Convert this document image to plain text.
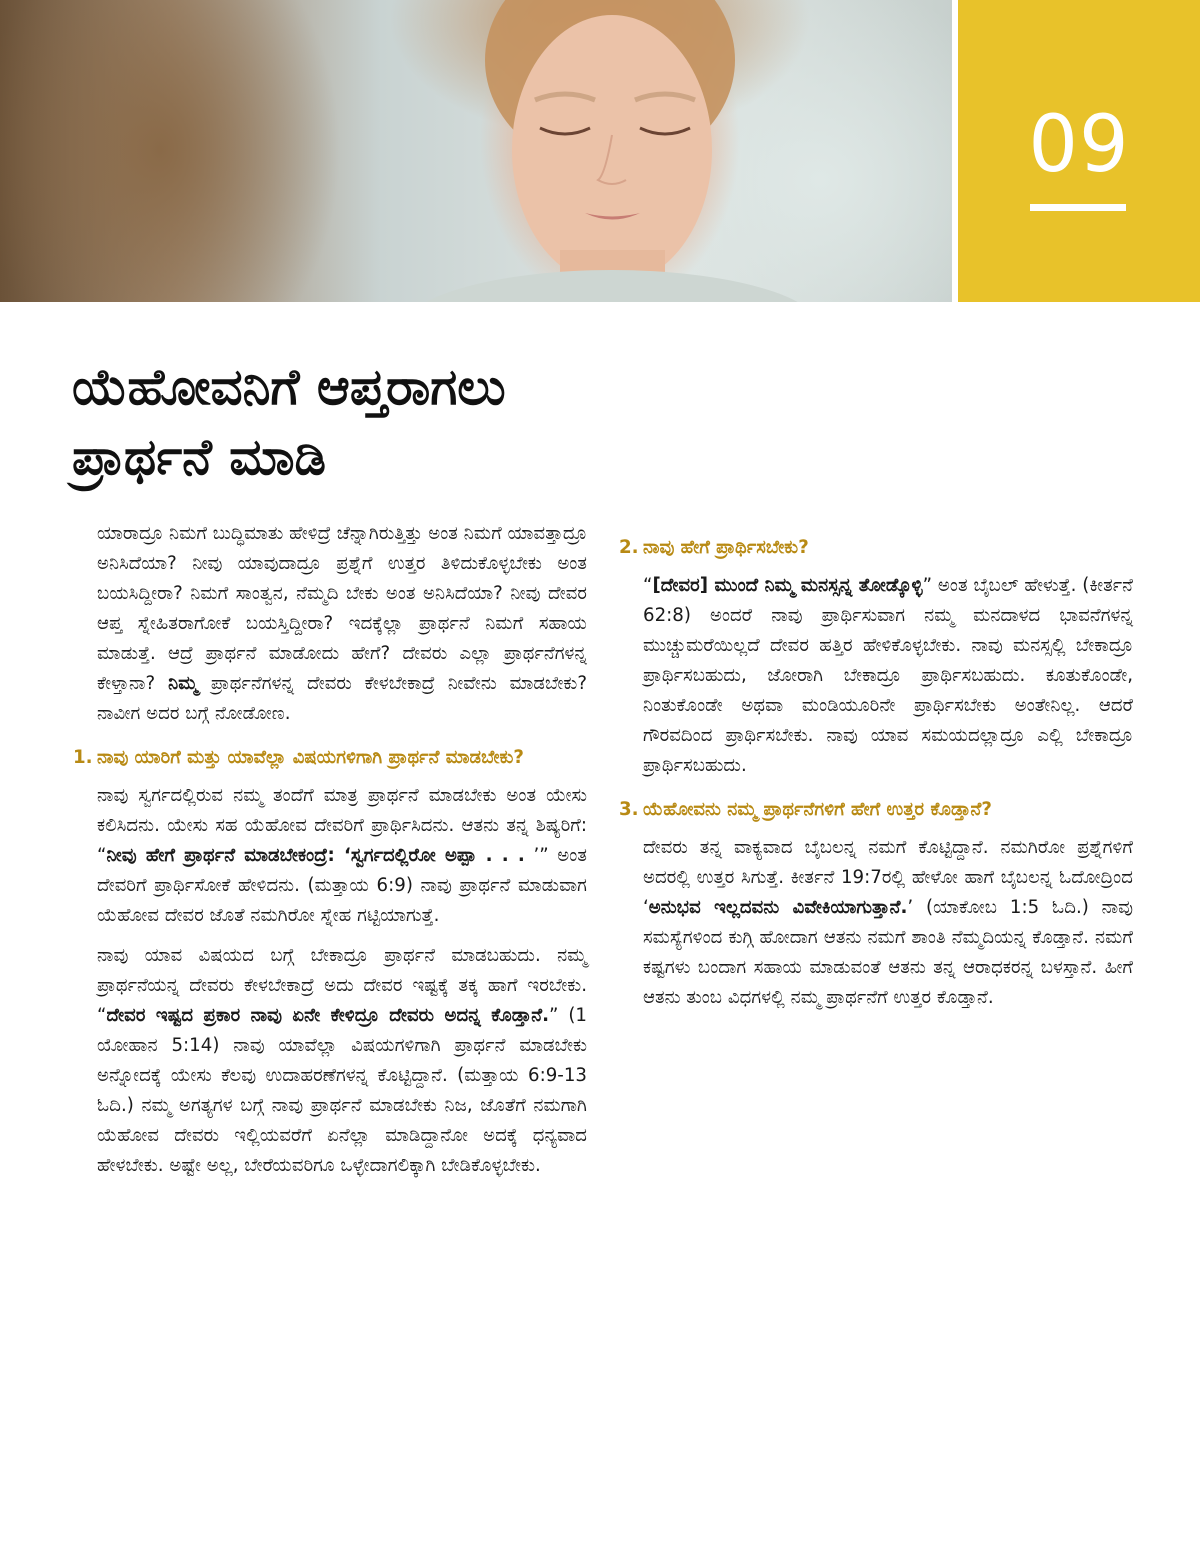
09
ಯೆಹೋವನಿಗೆ ಆಪ್ತರಾಗಲು
ಪ್ರಾರ್ಥನೆ ಮಾಡಿ

ಯಾರಾದ್ರೂ ನಿಮಗೆ ಬುದ್ಧಿಮಾತು ಹೇಳಿದ್ರೆ ಚೆನ್ನಾಗಿರುತ್ತಿತ್ತು ಅಂತ ನಿಮಗೆ ಯಾವತ್ತಾದ್ರೂ ಅನಿಸಿದೆಯಾ? ನೀವು ಯಾವುದಾದ್ರೂ ಪ್ರಶ್ನೆಗೆ ಉತ್ತರ ತಿಳಿದುಕೊಳ್ಳಬೇಕು ಅಂತ ಬಯಸಿದ್ದೀರಾ? ನಿಮಗೆ ಸಾಂತ್ವನ, ನೆಮ್ಮದಿ ಬೇಕು ಅಂತ ಅನಿಸಿದೆಯಾ? ನೀವು ದೇವರ ಆಪ್ತ ಸ್ನೇಹಿತರಾಗೋಕೆ ಬಯಸ್ತಿದ್ದೀರಾ? ಇದಕ್ಕೆಲ್ಲಾ ಪ್ರಾರ್ಥನೆ ನಿಮಗೆ ಸಹಾಯ ಮಾಡುತ್ತೆ. ಆದ್ರೆ ಪ್ರಾರ್ಥನೆ ಮಾಡೋದು ಹೇಗೆ? ದೇವರು ಎಲ್ಲಾ ಪ್ರಾರ್ಥನೆಗಳನ್ನ ಕೇಳ್ತಾನಾ? ನಿಮ್ಮ ಪ್ರಾರ್ಥನೆಗಳನ್ನ ದೇವರು ಕೇಳಬೇಕಾದ್ರೆ ನೀವೇನು ಮಾಡಬೇಕು? ನಾವೀಗ ಅದರ ಬಗ್ಗೆ ನೋಡೋಣ.

1. ನಾವು ಯಾರಿಗೆ ಮತ್ತು ಯಾವೆಲ್ಲಾ ವಿಷಯಗಳಿಗಾಗಿ ಪ್ರಾರ್ಥನೆ ಮಾಡಬೇಕು?

ನಾವು ಸ್ವರ್ಗದಲ್ಲಿರುವ ನಮ್ಮ ತಂದೆಗೆ ಮಾತ್ರ ಪ್ರಾರ್ಥನೆ ಮಾಡಬೇಕು ಅಂತ ಯೇಸು ಕಲಿಸಿದನು. ಯೇಸು ಸಹ ಯೆಹೋವ ದೇವರಿಗೆ ಪ್ರಾರ್ಥಿಸಿದನು. ಆತನು ತನ್ನ ಶಿಷ್ಯರಿಗೆ: “ನೀವು ಹೇಗೆ ಪ್ರಾರ್ಥನೆ ಮಾಡಬೇಕಂದ್ರೆ: ‘ಸ್ವರ್ಗದಲ್ಲಿರೋ ಅಪ್ಪಾ . . . ’” ಅಂತ ದೇವರಿಗೆ ಪ್ರಾರ್ಥಿಸೋಕೆ ಹೇಳಿದನು. (ಮತ್ತಾಯ 6:9) ನಾವು ಪ್ರಾರ್ಥನೆ ಮಾಡುವಾಗ ಯೆಹೋವ ದೇವರ ಜೊತೆ ನಮಗಿರೋ ಸ್ನೇಹ ಗಟ್ಟಿಯಾಗುತ್ತೆ.

ನಾವು ಯಾವ ವಿಷಯದ ಬಗ್ಗೆ ಬೇಕಾದ್ರೂ ಪ್ರಾರ್ಥನೆ ಮಾಡಬಹುದು. ನಮ್ಮ ಪ್ರಾರ್ಥನೆಯನ್ನ ದೇವರು ಕೇಳಬೇಕಾದ್ರೆ ಅದು ದೇವರ ಇಷ್ಟಕ್ಕೆ ತಕ್ಕ ಹಾಗೆ ಇರಬೇಕು. “ದೇವರ ಇಷ್ಟದ ಪ್ರಕಾರ ನಾವು ಏನೇ ಕೇಳಿದ್ರೂ ದೇವರು ಅದನ್ನ ಕೊಡ್ತಾನೆ.” (1 ಯೋಹಾನ 5:14) ನಾವು ಯಾವೆಲ್ಲಾ ವಿಷಯಗಳಿಗಾಗಿ ಪ್ರಾರ್ಥನೆ ಮಾಡಬೇಕು ಅನ್ನೋದಕ್ಕೆ ಯೇಸು ಕೆಲವು ಉದಾಹರಣೆಗಳನ್ನ ಕೊಟ್ಟಿದ್ದಾನೆ. (ಮತ್ತಾಯ 6:9-13 ಓದಿ.) ನಮ್ಮ ಅಗತ್ಯಗಳ ಬಗ್ಗೆ ನಾವು ಪ್ರಾರ್ಥನೆ ಮಾಡಬೇಕು ನಿಜ, ಜೊತೆಗೆ ನಮಗಾಗಿ ಯೆಹೋವ ದೇವರು ಇಲ್ಲಿಯವರೆಗೆ ಏನೆಲ್ಲಾ ಮಾಡಿದ್ದಾನೋ ಅದಕ್ಕೆ ಧನ್ಯವಾದ ಹೇಳಬೇಕು. ಅಷ್ಟೇ ಅಲ್ಲ, ಬೇರೆಯವರಿಗೂ ಒಳ್ಳೇದಾಗಲಿಕ್ಕಾಗಿ ಬೇಡಿಕೊಳ್ಳಬೇಕು.

2. ನಾವು ಹೇಗೆ ಪ್ರಾರ್ಥಿಸಬೇಕು?

“[ದೇವರ] ಮುಂದೆ ನಿಮ್ಮ ಮನಸ್ಸನ್ನ ತೋಡ್ಕೊಳ್ಳಿ” ಅಂತ ಬೈಬಲ್ ಹೇಳುತ್ತೆ. (ಕೀರ್ತನೆ 62:8) ಅಂದರೆ ನಾವು ಪ್ರಾರ್ಥಿಸುವಾಗ ನಮ್ಮ ಮನದಾಳದ ಭಾವನೆಗಳನ್ನ ಮುಚ್ಚುಮರೆಯಿಲ್ಲದೆ ದೇವರ ಹತ್ತಿರ ಹೇಳಿಕೊಳ್ಳಬೇಕು. ನಾವು ಮನಸ್ಸಲ್ಲಿ ಬೇಕಾದ್ರೂ ಪ್ರಾರ್ಥಿಸಬಹುದು, ಜೋರಾಗಿ ಬೇಕಾದ್ರೂ ಪ್ರಾರ್ಥಿಸಬಹುದು. ಕೂತುಕೊಂಡೇ, ನಿಂತುಕೊಂಡೇ ಅಥವಾ ಮಂಡಿಯೂರಿನೇ ಪ್ರಾರ್ಥಿಸಬೇಕು ಅಂತೇನಿಲ್ಲ. ಆದರೆ ಗೌರವದಿಂದ ಪ್ರಾರ್ಥಿಸಬೇಕು. ನಾವು ಯಾವ ಸಮಯದಲ್ಲಾದ್ರೂ ಎಲ್ಲಿ ಬೇಕಾದ್ರೂ ಪ್ರಾರ್ಥಿಸಬಹುದು.

3. ಯೆಹೋವನು ನಮ್ಮ ಪ್ರಾರ್ಥನೆಗಳಿಗೆ ಹೇಗೆ ಉತ್ತರ ಕೊಡ್ತಾನೆ?

ದೇವರು ತನ್ನ ವಾಕ್ಯವಾದ ಬೈಬಲನ್ನ ನಮಗೆ ಕೊಟ್ಟಿದ್ದಾನೆ. ನಮಗಿರೋ ಪ್ರಶ್ನೆಗಳಿಗೆ ಅದರಲ್ಲಿ ಉತ್ತರ ಸಿಗುತ್ತೆ. ಕೀರ್ತನೆ 19:7ರಲ್ಲಿ ಹೇಳೋ ಹಾಗೆ ಬೈಬಲನ್ನ ಓದೋದ್ರಿಂದ ‘ಅನುಭವ ಇಲ್ಲದವನು ವಿವೇಕಿಯಾಗುತ್ತಾನೆ.’ (ಯಾಕೋಬ 1:5 ಓದಿ.) ನಾವು ಸಮಸ್ಯೆಗಳಿಂದ ಕುಗ್ಗಿ ಹೋದಾಗ ಆತನು ನಮಗೆ ಶಾಂತಿ ನೆಮ್ಮದಿಯನ್ನ ಕೊಡ್ತಾನೆ. ನಮಗೆ ಕಷ್ಟಗಳು ಬಂದಾಗ ಸಹಾಯ ಮಾಡುವಂತೆ ಆತನು ತನ್ನ ಆರಾಧಕರನ್ನ ಬಳಸ್ತಾನೆ. ಹೀಗೆ ಆತನು ತುಂಬ ವಿಧಗಳಲ್ಲಿ ನಮ್ಮ ಪ್ರಾರ್ಥನೆಗೆ ಉತ್ತರ ಕೊಡ್ತಾನೆ.
